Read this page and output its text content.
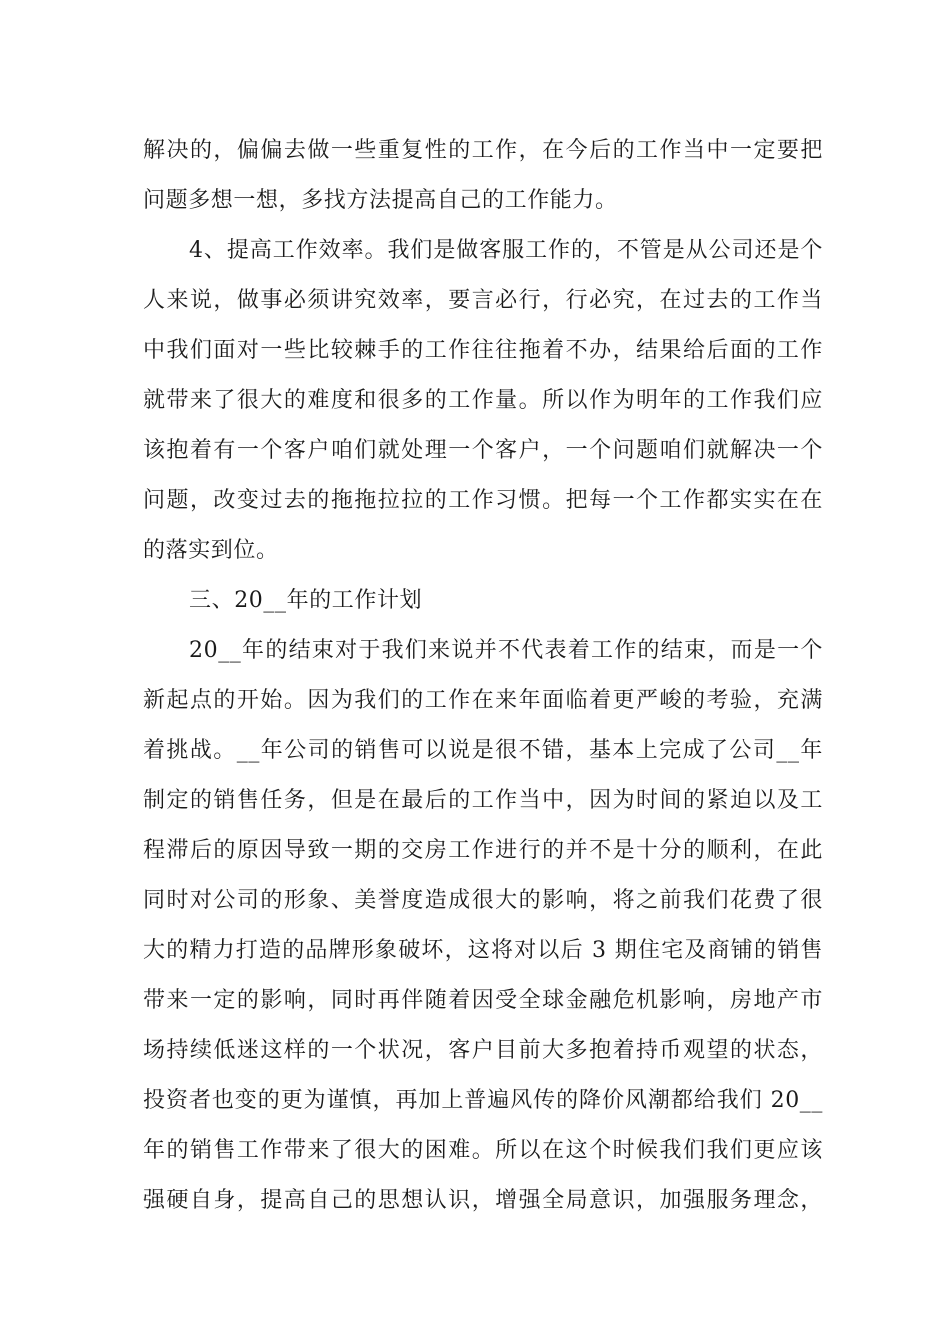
解决的，偏偏去做一些重复性的工作，在今后的工作当中一定要把
问题多想一想，多找方法提高自己的工作能力。
4、提高工作效率。我们是做客服工作的，不管是从公司还是个
人来说，做事必须讲究效率，要言必行，行必究，在过去的工作当
中我们面对一些比较棘手的工作往往拖着不办，结果给后面的工作
就带来了很大的难度和很多的工作量。所以作为明年的工作我们应
该抱着有一个客户咱们就处理一个客户，一个问题咱们就解决一个
问题，改变过去的拖拖拉拉的工作习惯。把每一个工作都实实在在
的落实到位。
三、20__年的工作计划
20__年的结束对于我们来说并不代表着工作的结束，而是一个
新起点的开始。因为我们的工作在来年面临着更严峻的考验，充满
着挑战。__年公司的销售可以说是很不错，基本上完成了公司__年
制定的销售任务，但是在最后的工作当中，因为时间的紧迫以及工
程滞后的原因导致一期的交房工作进行的并不是十分的顺利，在此
同时对公司的形象、美誉度造成很大的影响，将之前我们花费了很
大的精力打造的品牌形象破坏，这将对以后 3 期住宅及商铺的销售
带来一定的影响，同时再伴随着因受全球金融危机影响，房地产市
场持续低迷这样的一个状况，客户目前大多抱着持币观望的状态，
投资者也变的更为谨慎，再加上普遍风传的降价风潮都给我们 20__
年的销售工作带来了很大的困难。所以在这个时候我们我们更应该
强硬自身，提高自己的思想认识，增强全局意识，加强服务理念，
